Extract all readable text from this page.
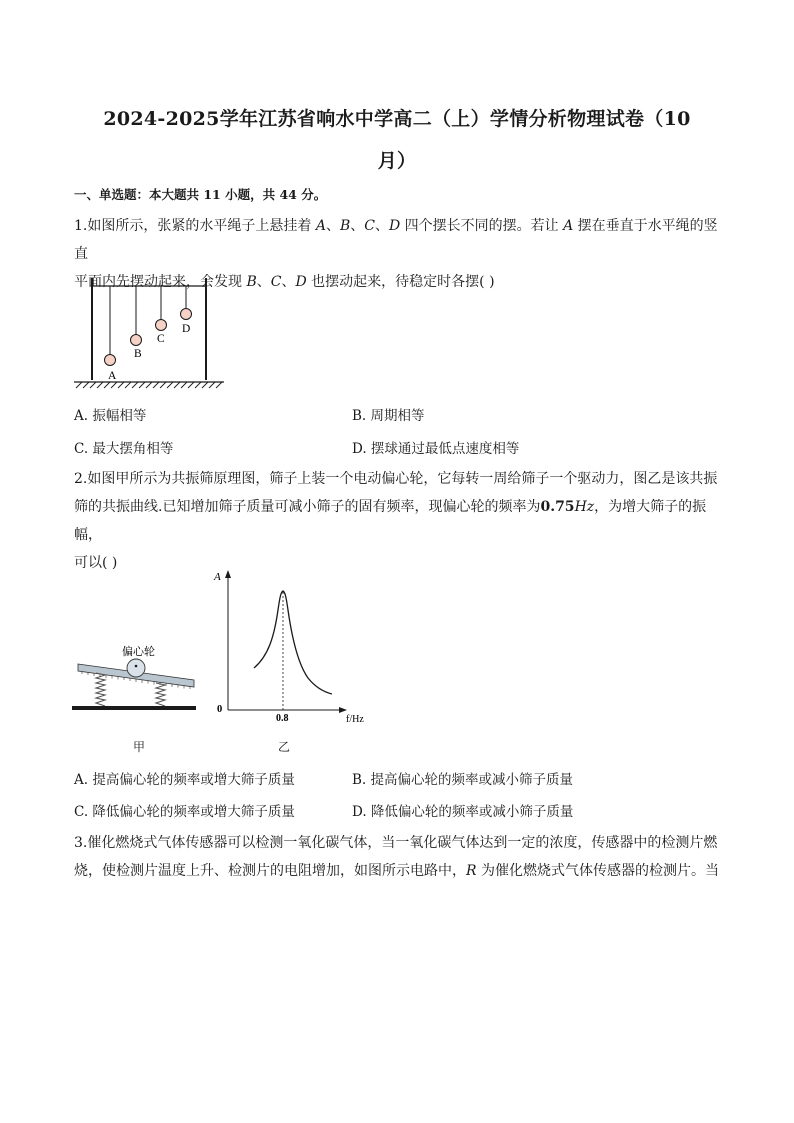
2024-2025学年江苏省响水中学高二（上）学情分析物理试卷（10
月）
一、单选题：本大题共 11 小题，共 44 分。
1.如图所示，张紧的水平绳子上悬挂着 A、B、C、D 四个摆长不同的摆。若让 A 摆在垂直于水平绳的竖直
平面内先摆动起来，会发现 B、C、D 也摆动起来，待稳定时各摆( )
A
B
C
D
A. 振幅相等	B. 周期相等
C. 最大摆角相等	D. 摆球通过最低点速度相等
2.如图甲所示为共振筛原理图，筛子上装一个电动偏心轮，它每转一周给筛子一个驱动力，图乙是该共振
筛的共振曲线.已知增加筛子质量可减小筛子的固有频率，现偏心轮的频率为0.75Hz，为增大筛子的振幅，
可以( )
偏心轮
甲
A
0
f/Hz
0.8
乙
A. 提高偏心轮的频率或增大筛子质量	B. 提高偏心轮的频率或减小筛子质量
C. 降低偏心轮的频率或增大筛子质量	D. 降低偏心轮的频率或减小筛子质量
3.催化燃烧式气体传感器可以检测一氧化碳气体，当一氧化碳气体达到一定的浓度，传感器中的检测片燃
烧，使检测片温度上升、检测片的电阻增加，如图所示电路中，R 为催化燃烧式气体传感器的检测片。当
